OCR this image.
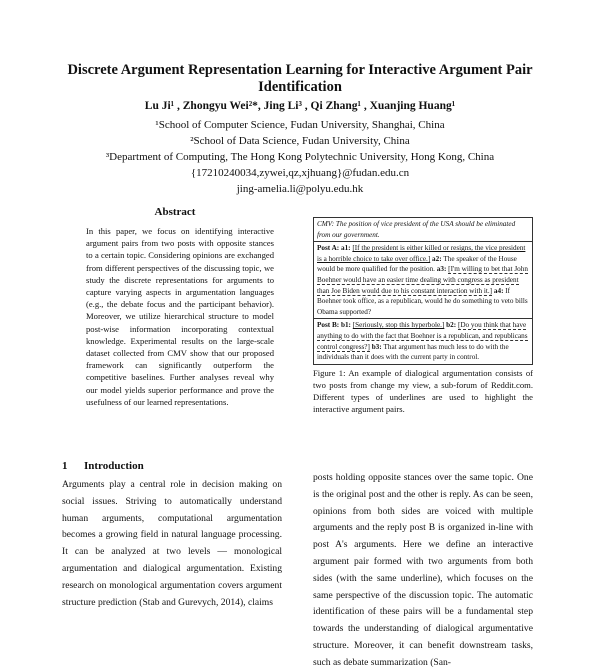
Discrete Argument Representation Learning for Interactive Argument Pair Identification
Lu Ji¹ , Zhongyu Wei²*, Jing Li³ , Qi Zhang¹ , Xuanjing Huang¹
¹School of Computer Science, Fudan University, Shanghai, China
²School of Data Science, Fudan University, China
³Department of Computing, The Hong Kong Polytechnic University, Hong Kong, China
{17210240034,zywei,qz,xjhuang}@fudan.edu.cn
jing-amelia.li@polyu.edu.hk
Abstract
In this paper, we focus on identifying interactive argument pairs from two posts with opposite stances to a certain topic. Considering opinions are exchanged from different perspectives of the discussing topic, we study the discrete representations for arguments to capture varying aspects in argumentation languages (e.g., the debate focus and the participant behavior). Moreover, we utilize hierarchical structure to model post-wise information incorporating contextual knowledge. Experimental results on the large-scale dataset collected from CMV show that our proposed framework can significantly outperform the competitive baselines. Further analyses reveal why our model yields superior performance and prove the usefulness of our learned representations.
1 Introduction
Arguments play a central role in decision making on social issues. Striving to automatically understand human arguments, computational argumentation becomes a growing field in natural language processing. It can be analyzed at two levels — monological argumentation and dialogical argumentation. Existing research on monological argumentation covers argument structure prediction (Stab and Gurevych, 2014), claims
CMV: The position of vice president of the USA should be eliminated from our government.
Post A: a1: [If the president is either killed or resigns, the vice president is a horrible choice to take over office.] a2: The speaker of the House would be more qualified for the position. a3: [I'm willing to bet that John Boehner would have an easier time dealing with congress as president than Joe Biden would due to his constant interaction with it.] a4: If Boehner took office, as a republican, would he do something to veto bills Obama supported?
Post B: b1: [Seriously, stop this hyperbole.] b2: [Do you think that have anything to do with the fact that Boehner is a republican, and republicans control congress?] b3: That argument has much less to do with the individuals than it does with the current party in control.
Figure 1: An example of dialogical argumentation consists of two posts from change my view, a sub-forum of Reddit.com. Different types of underlines are used to highlight the interactive argument pairs.
posts holding opposite stances over the same topic. One is the original post and the other is reply. As can be seen, opinions from both sides are voiced with multiple arguments and the reply post B is organized in-line with post A's arguments. Here we define an interactive argument pair formed with two arguments from both sides (with the same underline), which focuses on the same perspective of the discussion topic. The automatic identification of these pairs will be a fundamental step towards the understanding of dialogical argumentative structure. Moreover, it can benefit downstream tasks, such as debate summarization (San-
